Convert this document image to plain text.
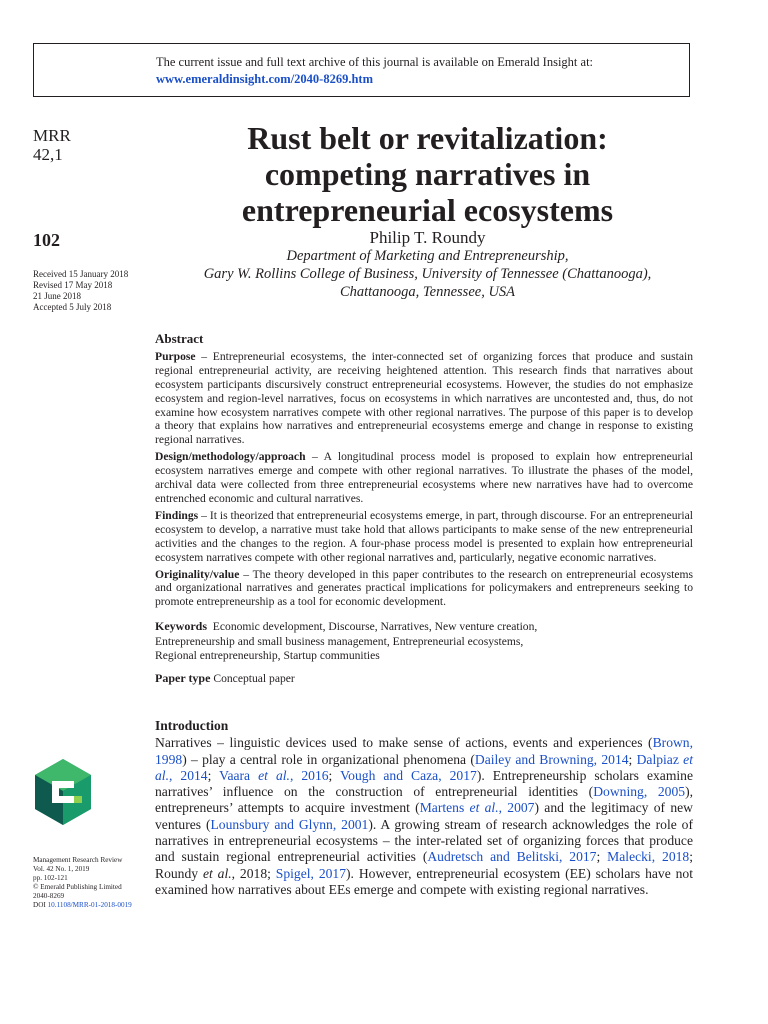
The current issue and full text archive of this journal is available on Emerald Insight at:
www.emeraldinsight.com/2040-8269.htm
MRR
42,1
102
Received 15 January 2018
Revised 17 May 2018
21 June 2018
Accepted 5 July 2018
Rust belt or revitalization:
competing narratives in
entrepreneurial ecosystems
Philip T. Roundy
Department of Marketing and Entrepreneurship,
Gary W. Rollins College of Business, University of Tennessee (Chattanooga),
Chattanooga, Tennessee, USA
Abstract

Purpose – Entrepreneurial ecosystems, the inter-connected set of organizing forces that produce and sustain regional entrepreneurial activity, are receiving heightened attention. This research finds that narratives about ecosystem participants discursively construct entrepreneurial ecosystems. However, the studies do not emphasize ecosystem and region-level narratives, focus on ecosystems in which narratives are uncontested and, thus, do not examine how ecosystem narratives compete with other regional narratives. The purpose of this paper is to develop a theory that explains how narratives and entrepreneurial ecosystems emerge and change in response to existing regional narratives.

Design/methodology/approach – A longitudinal process model is proposed to explain how entrepreneurial ecosystem narratives emerge and compete with other regional narratives. To illustrate the phases of the model, archival data were collected from three entrepreneurial ecosystems where new narratives have had to overcome entrenched economic and cultural narratives.

Findings – It is theorized that entrepreneurial ecosystems emerge, in part, through discourse. For an entrepreneurial ecosystem to develop, a narrative must take hold that allows participants to make sense of the new entrepreneurial activities and the changes to the region. A four-phase process model is presented to explain how entrepreneurial ecosystem narratives compete with other regional narratives and, particularly, negative economic narratives.

Originality/value – The theory developed in this paper contributes to the research on entrepreneurial ecosystems and organizational narratives and generates practical implications for policymakers and entrepreneurs seeking to promote entrepreneurship as a tool for economic development.

Keywords Economic development, Discourse, Narratives, New venture creation,
Entrepreneurship and small business management, Entrepreneurial ecosystems,
Regional entrepreneurship, Startup communities
Paper type Conceptual paper
Introduction

Narratives – linguistic devices used to make sense of actions, events and experiences (Brown, 1998) – play a central role in organizational phenomena (Dailey and Browning, 2014; Dalpiaz et al., 2014; Vaara et al., 2016; Vough and Caza, 2017). Entrepreneurship scholars examine narratives’ influence on the construction of entrepreneurial identities (Downing, 2005), entrepreneurs’ attempts to acquire investment (Martens et al., 2007) and the legitimacy of new ventures (Lounsbury and Glynn, 2001). A growing stream of research acknowledges the role of narratives in entrepreneurial ecosystems – the inter-related set of organizing forces that produce and sustain regional entrepreneurial activities (Audretsch and Belitski, 2017; Malecki, 2018; Roundy et al., 2018; Spigel, 2017). However, entrepreneurial ecosystem (EE) scholars have not examined how narratives about EEs emerge and compete with existing regional narratives.

Management Research Review
Vol. 42 No. 1, 2019
pp. 102-121
© Emerald Publishing Limited
2040-8269
DOI 10.1108/MRR-01-2018-0019
